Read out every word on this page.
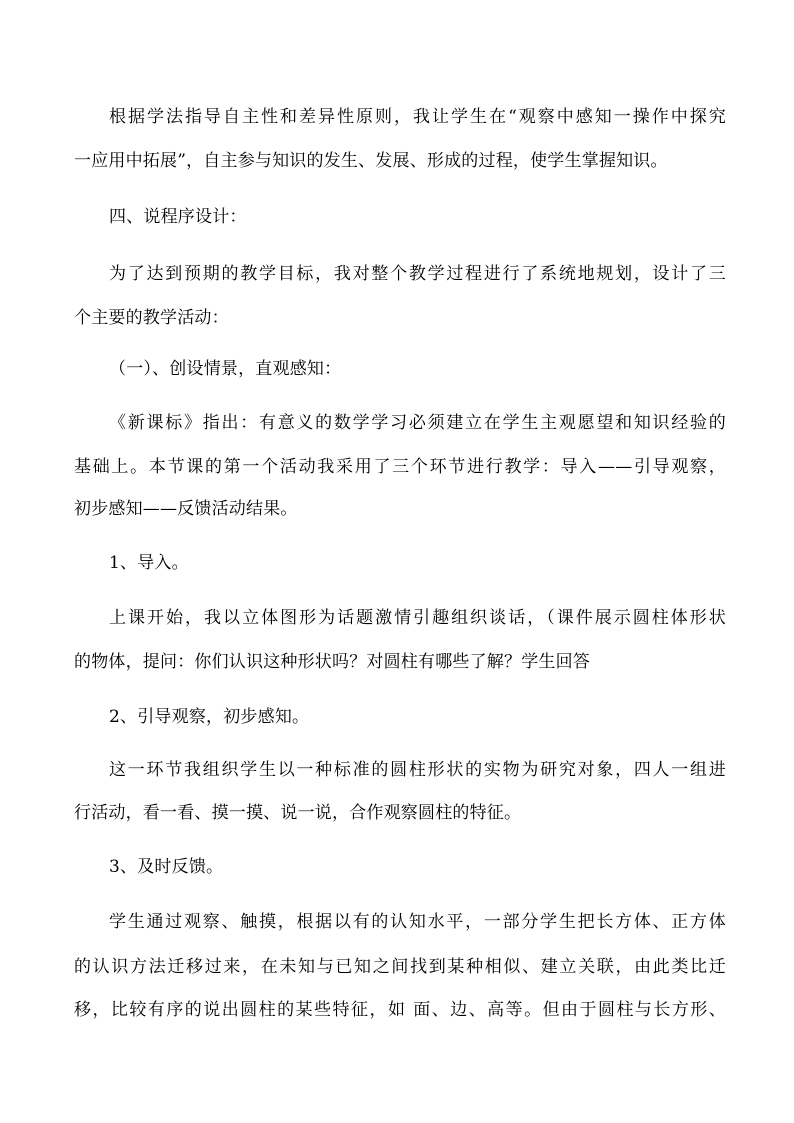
根据学法指导自主性和差异性原则，我让学生在“观察中感知一操作中探究
一应用中拓展”，自主参与知识的发生、发展、形成的过程，使学生掌握知识。
四、说程序设计：
为了达到预期的教学目标，我对整个教学过程进行了系统地规划，设计了三
个主要的教学活动：
（一）、创设情景，直观感知：
《新课标》指出：有意义的数学学习必须建立在学生主观愿望和知识经验的
基础上。本节课的第一个活动我采用了三个环节进行教学：导入——引导观察，
初步感知——反馈活动结果。
1、导入。
上课开始，我以立体图形为话题激情引趣组织谈话，（课件展示圆柱体形状
的物体，提问：你们认识这种形状吗？对圆柱有哪些了解？学生回答
2、引导观察，初步感知。
这一环节我组织学生以一种标准的圆柱形状的实物为研究对象，四人一组进
行活动，看一看、摸一摸、说一说，合作观察圆柱的特征。
3、及时反馈。
学生通过观察、触摸，根据以有的认知水平，一部分学生把长方体、正方体
的认识方法迁移过来，在未知与已知之间找到某种相似、建立关联，由此类比迁
移，比较有序的说出圆柱的某些特征，如 面、边、高等。但由于圆柱与长方形、
